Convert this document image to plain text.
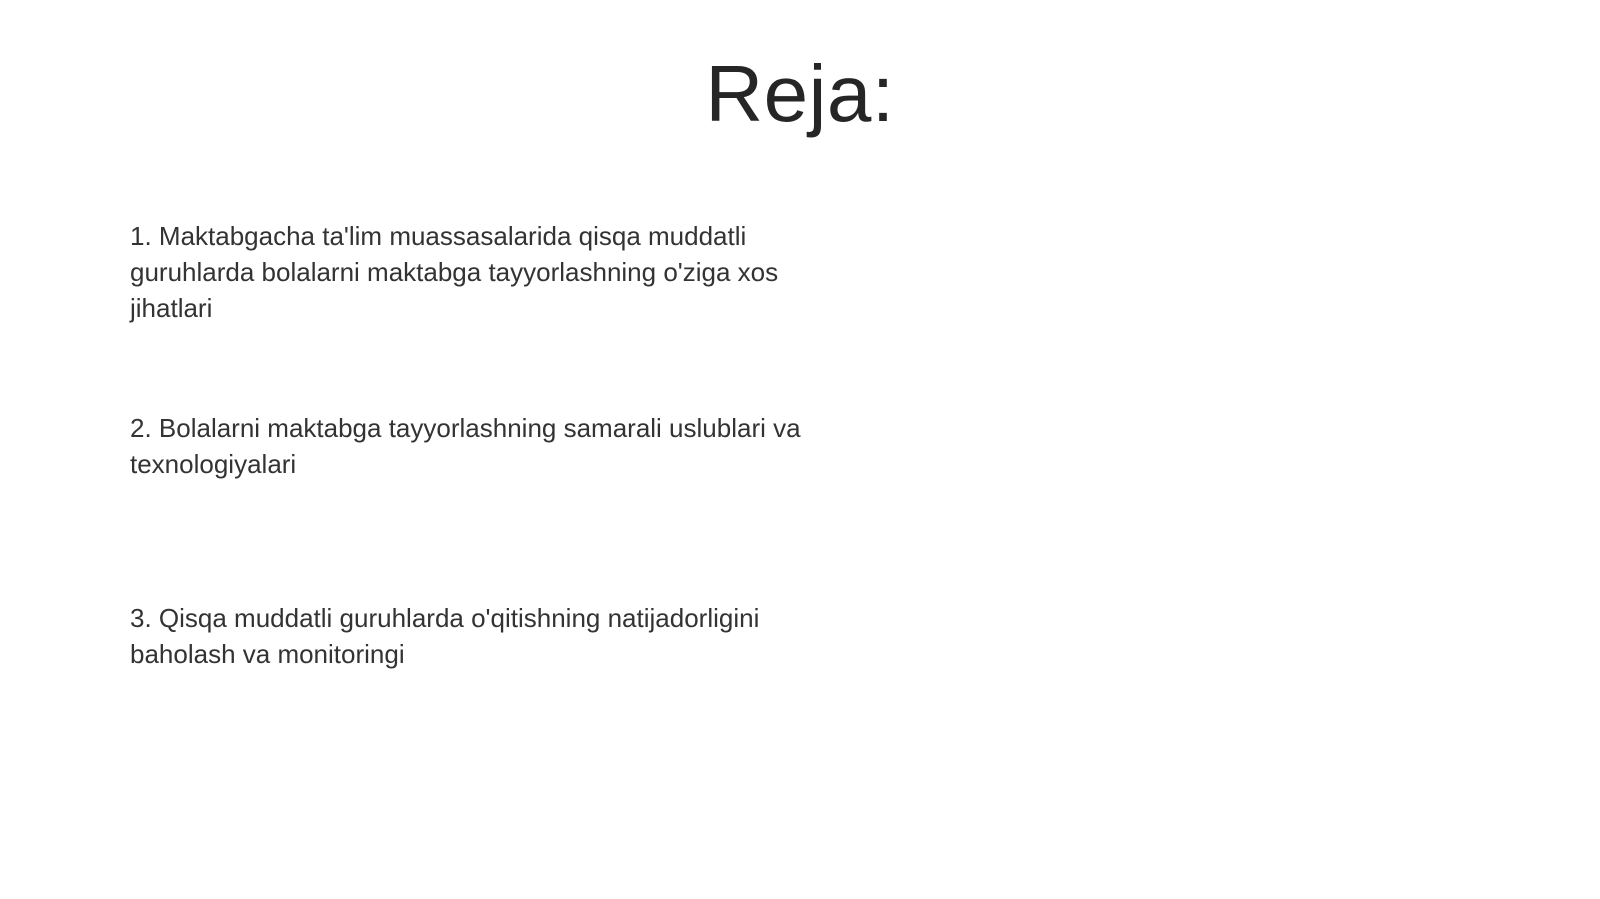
Reja:
1. Maktabgacha ta'lim muassasalarida qisqa muddatli guruhlarda bolalarni maktabga tayyorlashning o'ziga xos jihatlari
2. Bolalarni maktabga tayyorlashning samarali uslublari va texnologiyalari
3. Qisqa muddatli guruhlarda o'qitishning natijadorligini baholash va monitoringi
